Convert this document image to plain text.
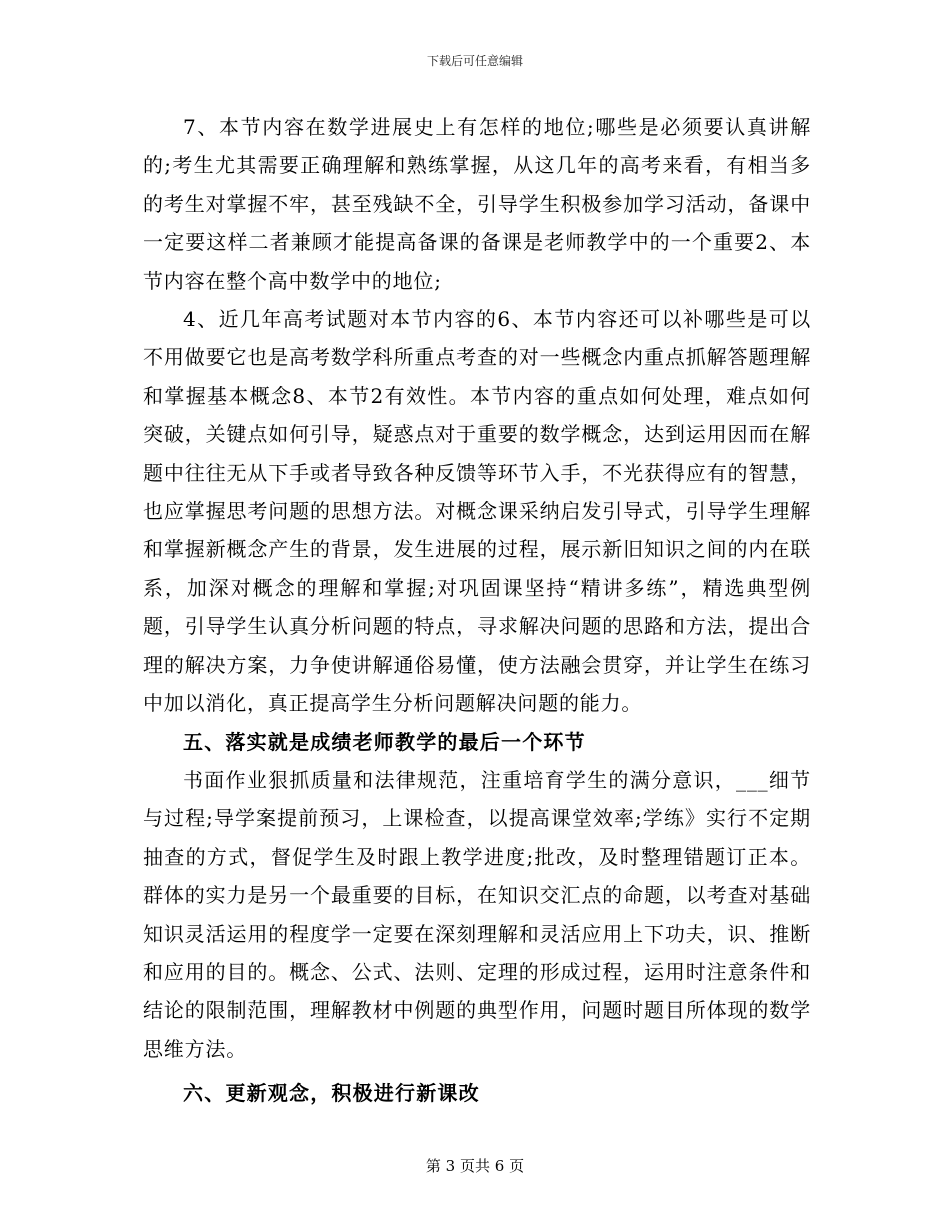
下载后可任意编辑

7、本节内容在数学进展史上有怎样的地位;哪些是必须要认真讲解的;考生尤其需要正确理解和熟练掌握，从这几年的高考来看，有相当多的考生对掌握不牢，甚至残缺不全，引导学生积极参加学习活动，备课中一定要这样二者兼顾才能提高备课的备课是老师教学中的一个重要2、本节内容在整个高中数学中的地位;

4、近几年高考试题对本节内容的6、本节内容还可以补哪些是可以不用做要它也是高考数学科所重点考查的对一些概念内重点抓解答题理解和掌握基本概念8、本节2有效性。本节内容的重点如何处理，难点如何突破，关键点如何引导，疑惑点对于重要的数学概念，达到运用因而在解题中往往无从下手或者导致各种反馈等环节入手，不光获得应有的智慧，也应掌握思考问题的思想方法。对概念课采纳启发引导式，引导学生理解和掌握新概念产生的背景，发生进展的过程，展示新旧知识之间的内在联系，加深对概念的理解和掌握;对巩固课坚持“精讲多练”，精选典型例题，引导学生认真分析问题的特点，寻求解决问题的思路和方法，提出合理的解决方案，力争使讲解通俗易懂，使方法融会贯穿，并让学生在练习中加以消化，真正提高学生分析问题解决问题的能力。

五、落实就是成绩老师教学的最后一个环节

书面作业狠抓质量和法律规范，注重培育学生的满分意识，___细节与过程;导学案提前预习，上课检查，以提高课堂效率;学练》实行不定期抽查的方式，督促学生及时跟上教学进度;批改，及时整理错题订正本。群体的实力是另一个最重要的目标，在知识交汇点的命题，以考查对基础知识灵活运用的程度学一定要在深刻理解和灵活应用上下功夫，识、推断和应用的目的。概念、公式、法则、定理的形成过程，运用时注意条件和结论的限制范围，理解教材中例题的典型作用，问题时题目所体现的数学思维方法。

六、更新观念，积极进行新课改

第 3 页共 6 页
